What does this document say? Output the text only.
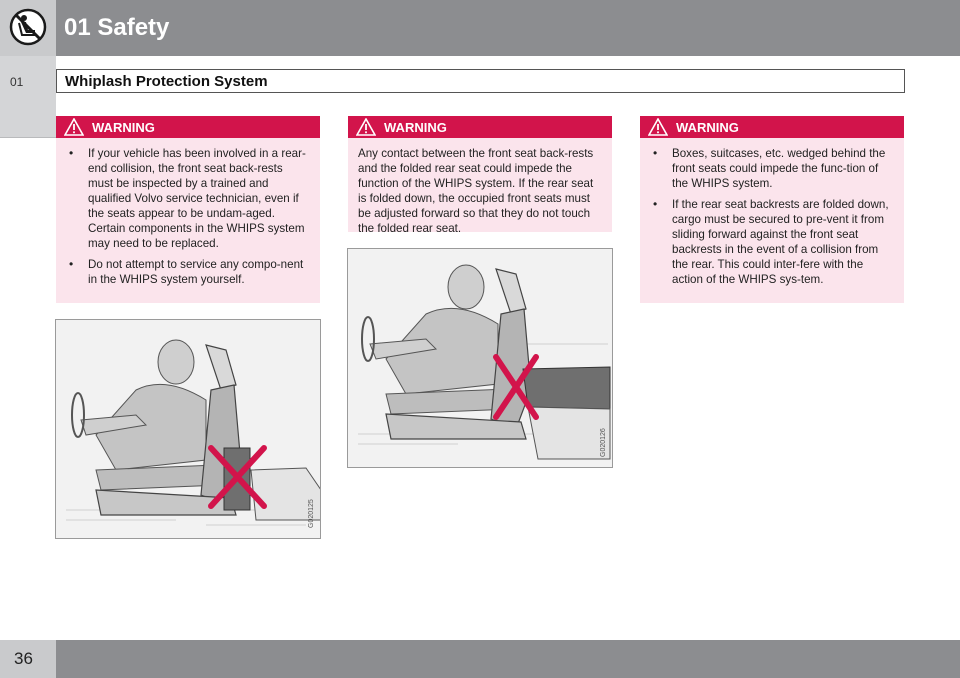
01 Safety
01	Whiplash Protection System
WARNING
• If your vehicle has been involved in a rear-end collision, the front seat back-rests must be inspected by a trained and qualified Volvo service technician, even if the seats appear to be undam-aged. Certain components in the WHIPS system may need to be replaced.
• Do not attempt to service any compo-nent in the WHIPS system yourself.
WARNING
Any contact between the front seat back-rests and the folded rear seat could impede the function of the WHIPS system. If the rear seat is folded down, the occupied front seats must be adjusted forward so that they do not touch the folded rear seat.
WARNING
• Boxes, suitcases, etc. wedged behind the front seats could impede the func-tion of the WHIPS system.
• If the rear seat backrests are folded down, cargo must be secured to pre-vent it from sliding forward against the front seat backrests in the event of a collision from the rear. This could inter-fere with the action of the WHIPS sys-tem.
G020125
G020126
36
